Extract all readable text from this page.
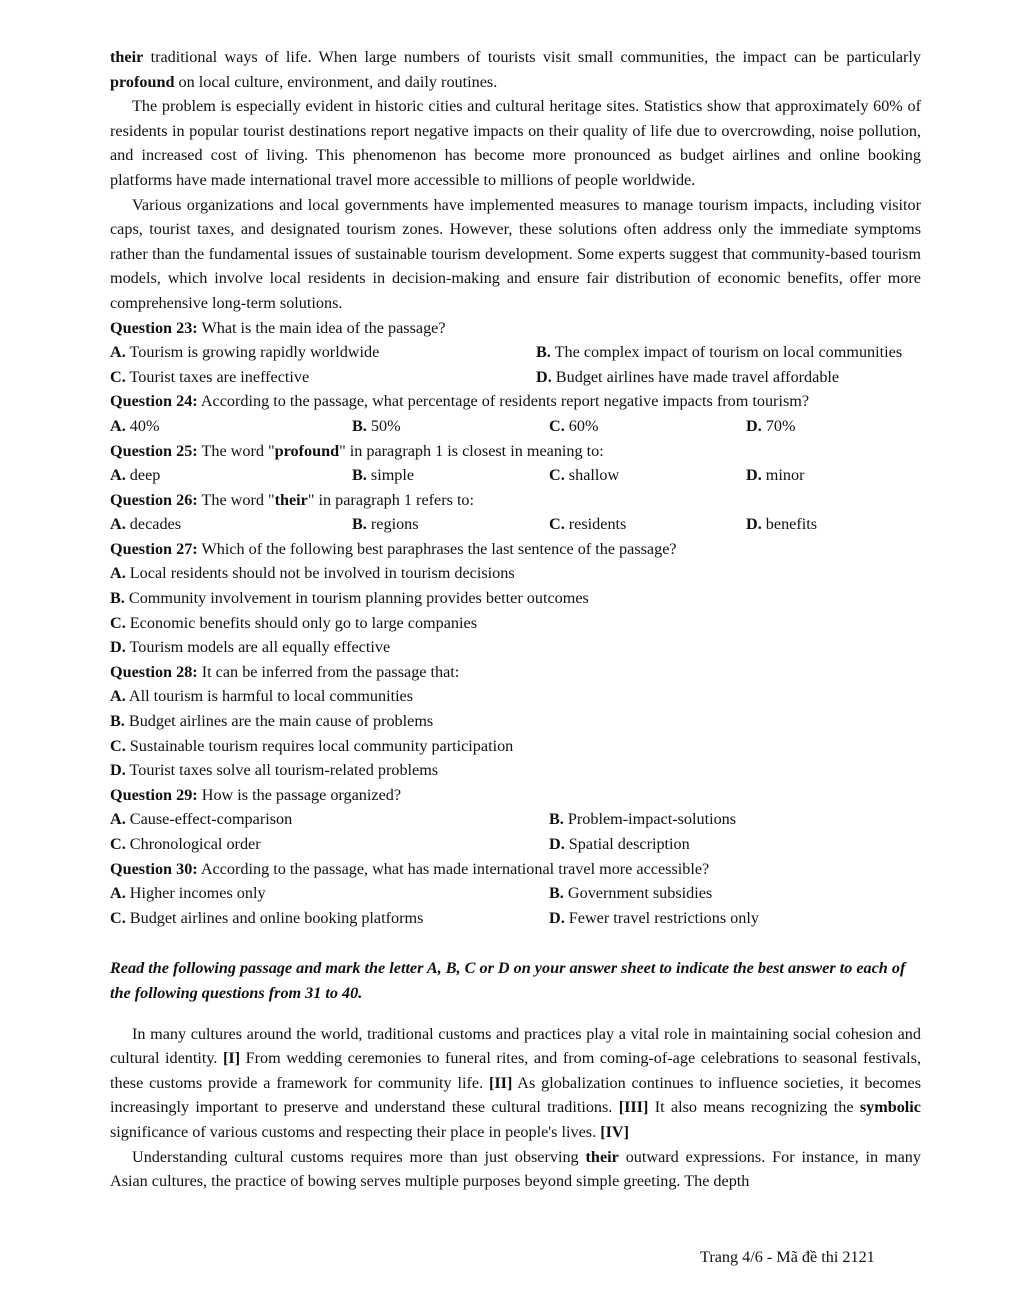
their traditional ways of life. When large numbers of tourists visit small communities, the impact can be particularly profound on local culture, environment, and daily routines.

The problem is especially evident in historic cities and cultural heritage sites. Statistics show that approximately 60% of residents in popular tourist destinations report negative impacts on their quality of life due to overcrowding, noise pollution, and increased cost of living. This phenomenon has become more pronounced as budget airlines and online booking platforms have made international travel more accessible to millions of people worldwide.

Various organizations and local governments have implemented measures to manage tourism impacts, including visitor caps, tourist taxes, and designated tourism zones. However, these solutions often address only the immediate symptoms rather than the fundamental issues of sustainable tourism development. Some experts suggest that community-based tourism models, which involve local residents in decision-making and ensure fair distribution of economic benefits, offer more comprehensive long-term solutions.

Question 23: What is the main idea of the passage?

A. Tourism is growing rapidly worldwide	B. The complex impact of tourism on local communities
C. Tourist taxes are ineffective	D. Budget airlines have made travel affordable

Question 24: According to the passage, what percentage of residents report negative impacts from tourism?

A. 40%	B. 50%	C. 60%	D. 70%

Question 25: The word "profound" in paragraph 1 is closest in meaning to:

A. deep	B. simple	C. shallow	D. minor

Question 26: The word "their" in paragraph 1 refers to:

A. decades	B. regions	C. residents	D. benefits

Question 27: Which of the following best paraphrases the last sentence of the passage?

A. Local residents should not be involved in tourism decisions
B. Community involvement in tourism planning provides better outcomes
C. Economic benefits should only go to large companies
D. Tourism models are all equally effective

Question 28: It can be inferred from the passage that:

A. All tourism is harmful to local communities
B. Budget airlines are the main cause of problems
C. Sustainable tourism requires local community participation
D. Tourist taxes solve all tourism-related problems

Question 29: How is the passage organized?

A. Cause-effect-comparison	B. Problem-impact-solutions
C. Chronological order	D. Spatial description

Question 30: According to the passage, what has made international travel more accessible?

A. Higher incomes only	B. Government subsidies
C. Budget airlines and online booking platforms	D. Fewer travel restrictions only

Read the following passage and mark the letter A, B, C or D on your answer sheet to indicate the best answer to each of the following questions from 31 to 40.

In many cultures around the world, traditional customs and practices play a vital role in maintaining social cohesion and cultural identity. [I] From wedding ceremonies to funeral rites, and from coming-of-age celebrations to seasonal festivals, these customs provide a framework for community life. [II] As globalization continues to influence societies, it becomes increasingly important to preserve and understand these cultural traditions. [III] It also means recognizing the symbolic significance of various customs and respecting their place in people's lives. [IV]

Understanding cultural customs requires more than just observing their outward expressions. For instance, in many Asian cultures, the practice of bowing serves multiple purposes beyond simple greeting. The depth

Trang 4/6 - Mã đề thi 2121
